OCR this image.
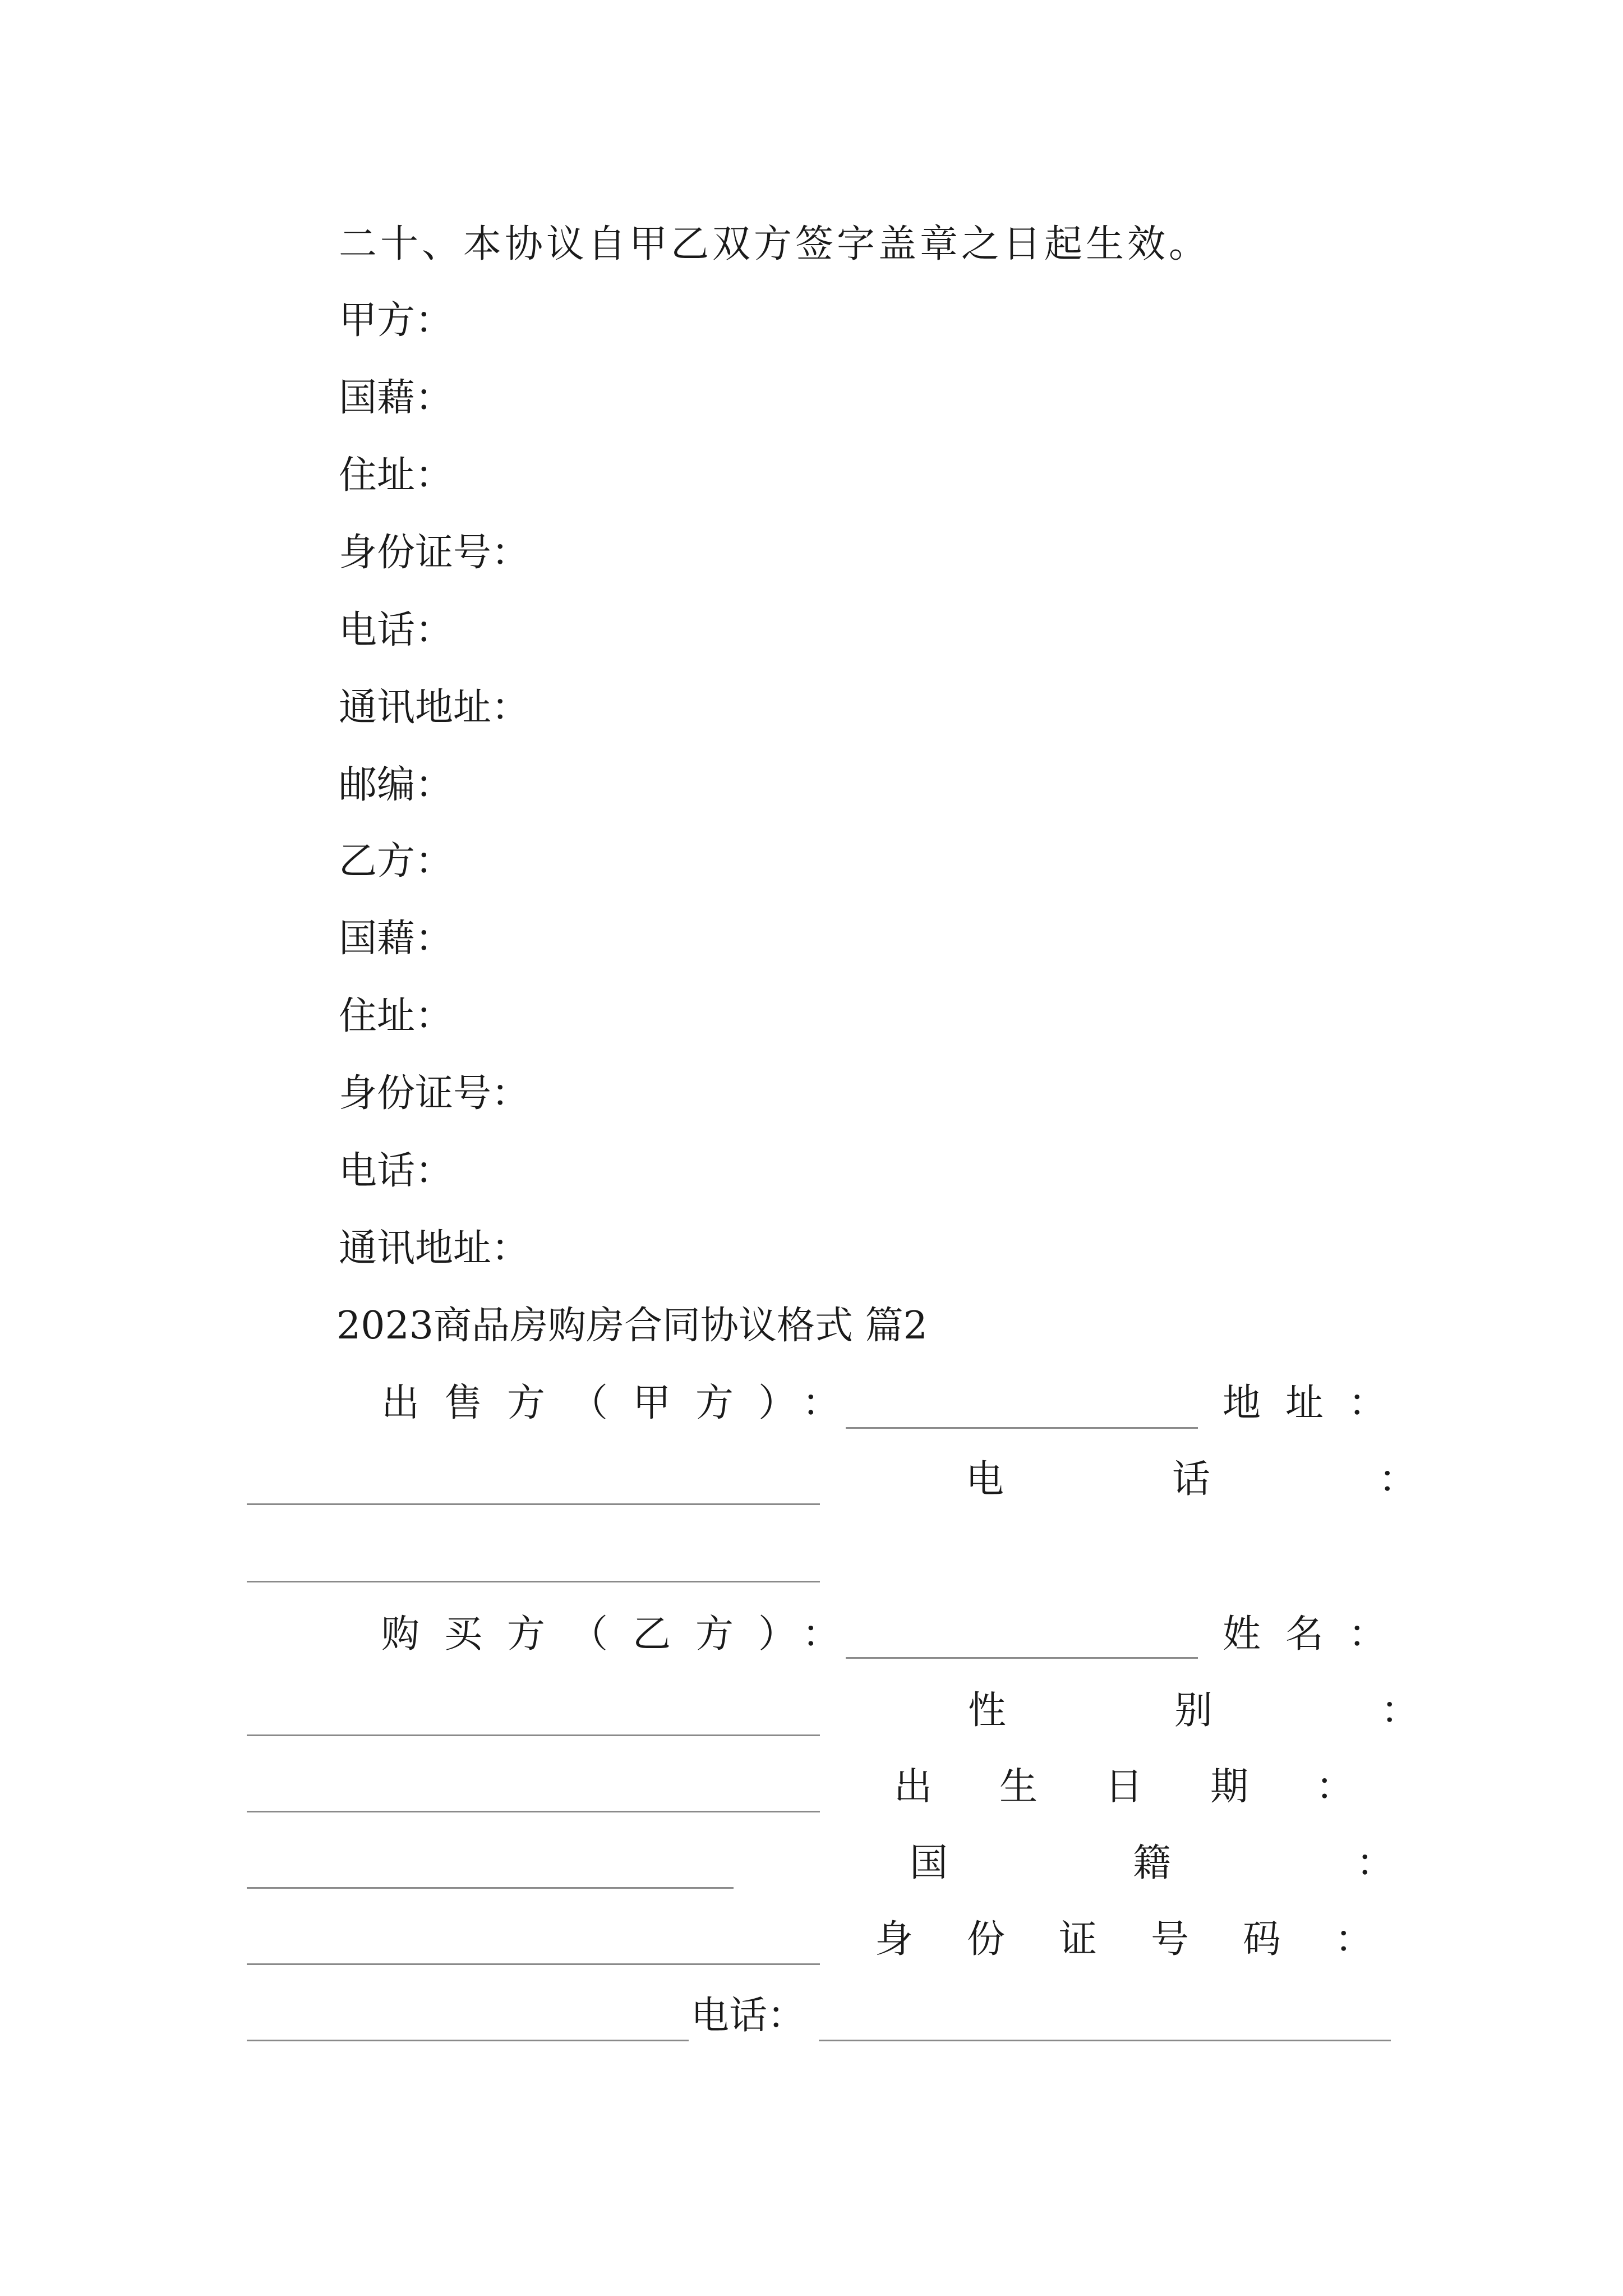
二十、本协议自甲乙双方签字盖章之日起生效。
甲方：
国藉：
住址：
身份证号：
电话：
通讯地址：
邮编：
乙方：
国藉：
住址：
身份证号：
电话：
通讯地址：
2023商品房购房合同协议格式 篇2
出售方（甲方）：	地址：
电话：
购买方（乙方）：	姓名：
性别：
出生日期：
国籍：
身份证号码：
电话：
